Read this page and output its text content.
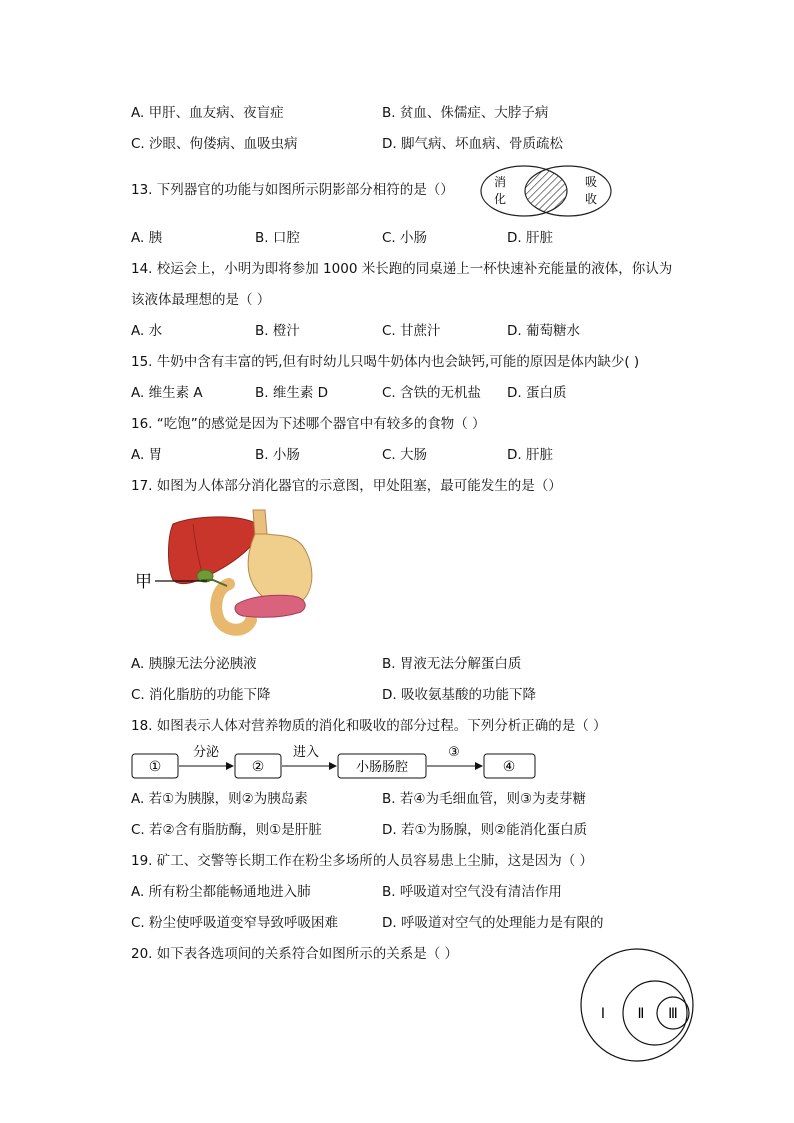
A. 甲肝、血友病、夜盲症	B. 贫血、侏儒症、大脖子病
C. 沙眼、佝偻病、血吸虫病	D. 脚气病、坏血病、骨质疏松
13. 下列器官的功能与如图所示阴影部分相符的是（）	消
化
吸
收
A. 胰	B. 口腔	C. 小肠	D. 肝脏
14. 校运会上，小明为即将参加 1000 米长跑的同桌递上一杯快速补充能量的液体，你认为
该液体最理想的是（ ）
A. 水	B. 橙汁	C. 甘蔗汁	D. 葡萄糖水
15. 牛奶中含有丰富的钙,但有时幼儿只喝牛奶体内也会缺钙,可能的原因是体内缺少( )
A. 维生素 A	B. 维生素 D	C. 含铁的无机盐 D. 蛋白质
16. “吃饱”的感觉是因为下述哪个器官中有较多的食物（ ）
A. 胃	B. 小肠	C. 大肠	D. 肝脏
17. 如图为人体部分消化器官的示意图，甲处阻塞，最可能发生的是（）
甲
A. 胰腺无法分泌胰液	B. 胃液无法分解蛋白质
C. 消化脂肪的功能下降	D. 吸收氨基酸的功能下降
18. 如图表示人体对营养物质的消化和吸收的部分过程。下列分析正确的是（ ）
①	②	小肠肠腔	④
分泌	进入	③
A. 若①为胰腺，则②为胰岛素	B. 若④为毛细血管，则③为麦芽糖
C. 若②含有脂肪酶，则①是肝脏	D. 若①为肠腺，则②能消化蛋白质
19. 矿工、交警等长期工作在粉尘多场所的人员容易患上尘肺，这是因为（ ）
A. 所有粉尘都能畅通地进入肺	B. 呼吸道对空气没有清洁作用
C. 粉尘使呼吸道变窄导致呼吸困难	D. 呼吸道对空气的处理能力是有限的
20. 如下表各选项间的关系符合如图所示的关系是（ ）
Ⅰ Ⅱ Ⅲ
